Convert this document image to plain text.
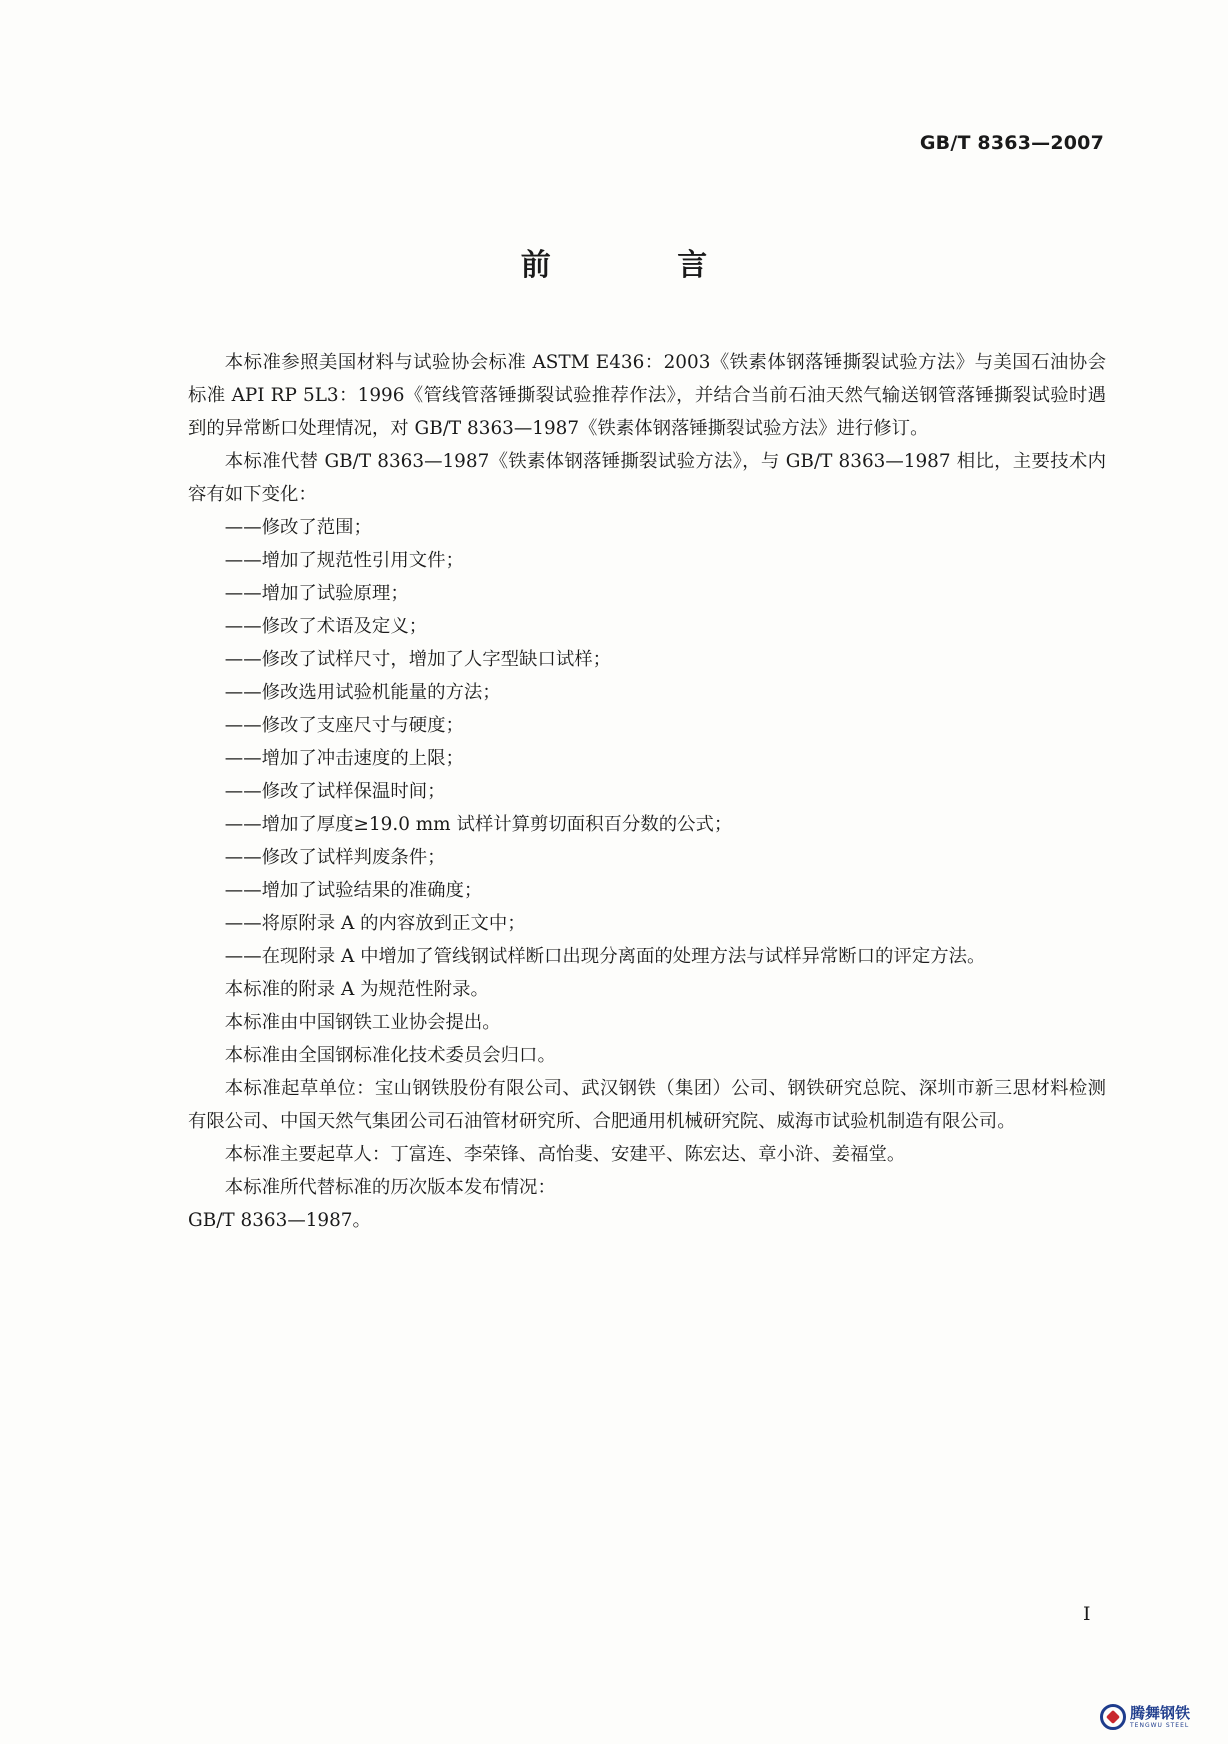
GB/T 8363—2007
前 言

本标准参照美国材料与试验协会标准 ASTM E436：2003《铁素体钢落锤撕裂试验方法》与美国石油协会标准 API RP 5L3：1996《管线管落锤撕裂试验推荐作法》，并结合当前石油天然气输送钢管落锤撕裂试验时遇到的异常断口处理情况，对 GB/T 8363—1987《铁素体钢落锤撕裂试验方法》进行修订。

本标准代替 GB/T 8363—1987《铁素体钢落锤撕裂试验方法》，与 GB/T 8363—1987 相比，主要技术内容有如下变化：

——修改了范围；

——增加了规范性引用文件；

——增加了试验原理；

——修改了术语及定义；

——修改了试样尺寸，增加了人字型缺口试样；

——修改选用试验机能量的方法；

——修改了支座尺寸与硬度；

——增加了冲击速度的上限；

——修改了试样保温时间；

——增加了厚度≥19.0 mm 试样计算剪切面积百分数的公式；

——修改了试样判废条件；

——增加了试验结果的准确度；

——将原附录 A 的内容放到正文中；

——在现附录 A 中增加了管线钢试样断口出现分离面的处理方法与试样异常断口的评定方法。

本标准的附录 A 为规范性附录。

本标准由中国钢铁工业协会提出。

本标准由全国钢标准化技术委员会归口。

本标准起草单位：宝山钢铁股份有限公司、武汉钢铁（集团）公司、钢铁研究总院、深圳市新三思材料检测有限公司、中国天然气集团公司石油管材研究所、合肥通用机械研究院、威海市试验机制造有限公司。

本标准主要起草人：丁富连、李荣锋、高怡斐、安建平、陈宏达、章小浒、姜福堂。

本标准所代替标准的历次版本发布情况：

GB/T 8363—1987。

I
腾舞钢铁
TENGWU STEEL
